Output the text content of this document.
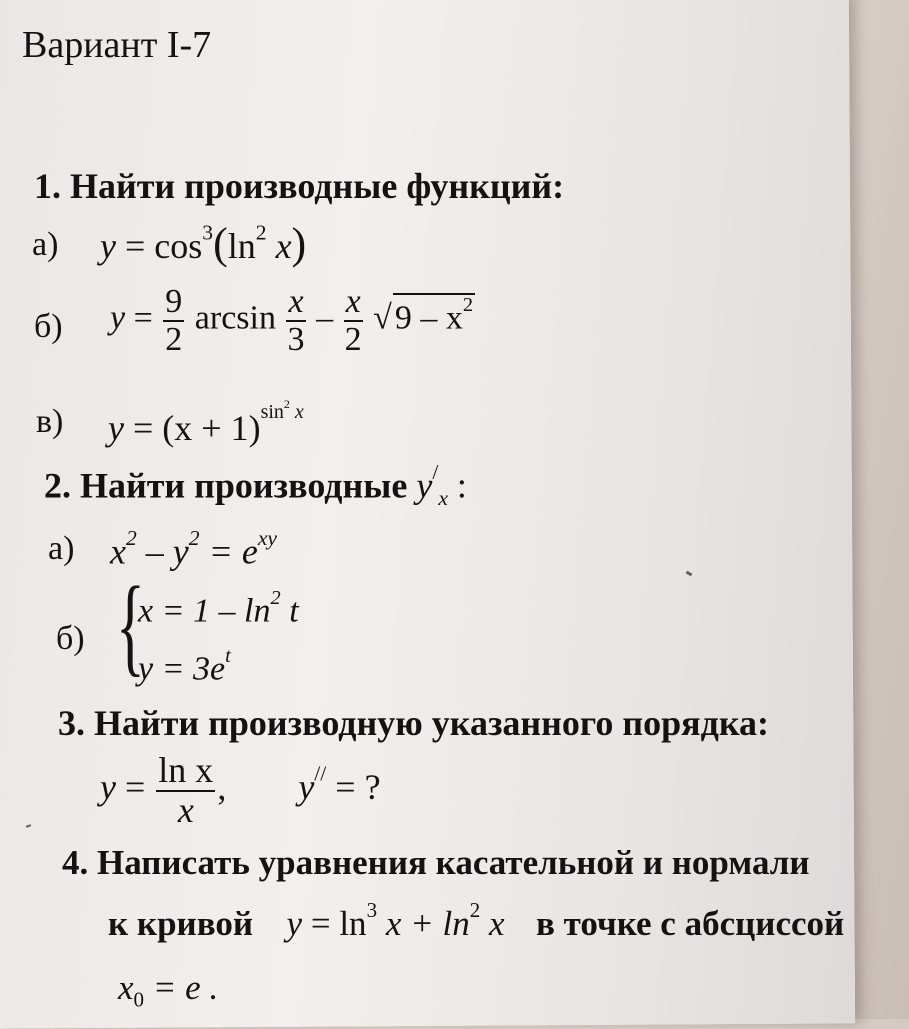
Вариант I-7
1. Найти производные функций:
а) $y = \cos^3(\ln^2$ x)
б) $y = \frac{9}{2}$ $\arcsin \frac{x}{3} - \frac{x}{2} √9 - x^2$
в) $y = (x + 1)^{sin^2 x}$
2. Найти производные $y^/_x$ :
а) $x^2 - y^2 = e^{xy}$
б) {
$x = 1 - \ln^2 t$
$y = 3e^t$
3. Найти производную указанного порядка:
$y = \frac{\text{ln x}}{x}$ , y// = ?
4. Написать уравнения касательной и нормали
к кривой $y = \ln^3 x + \ln^2 x$ в точке с абсциссой
$x_0 = e$ .
